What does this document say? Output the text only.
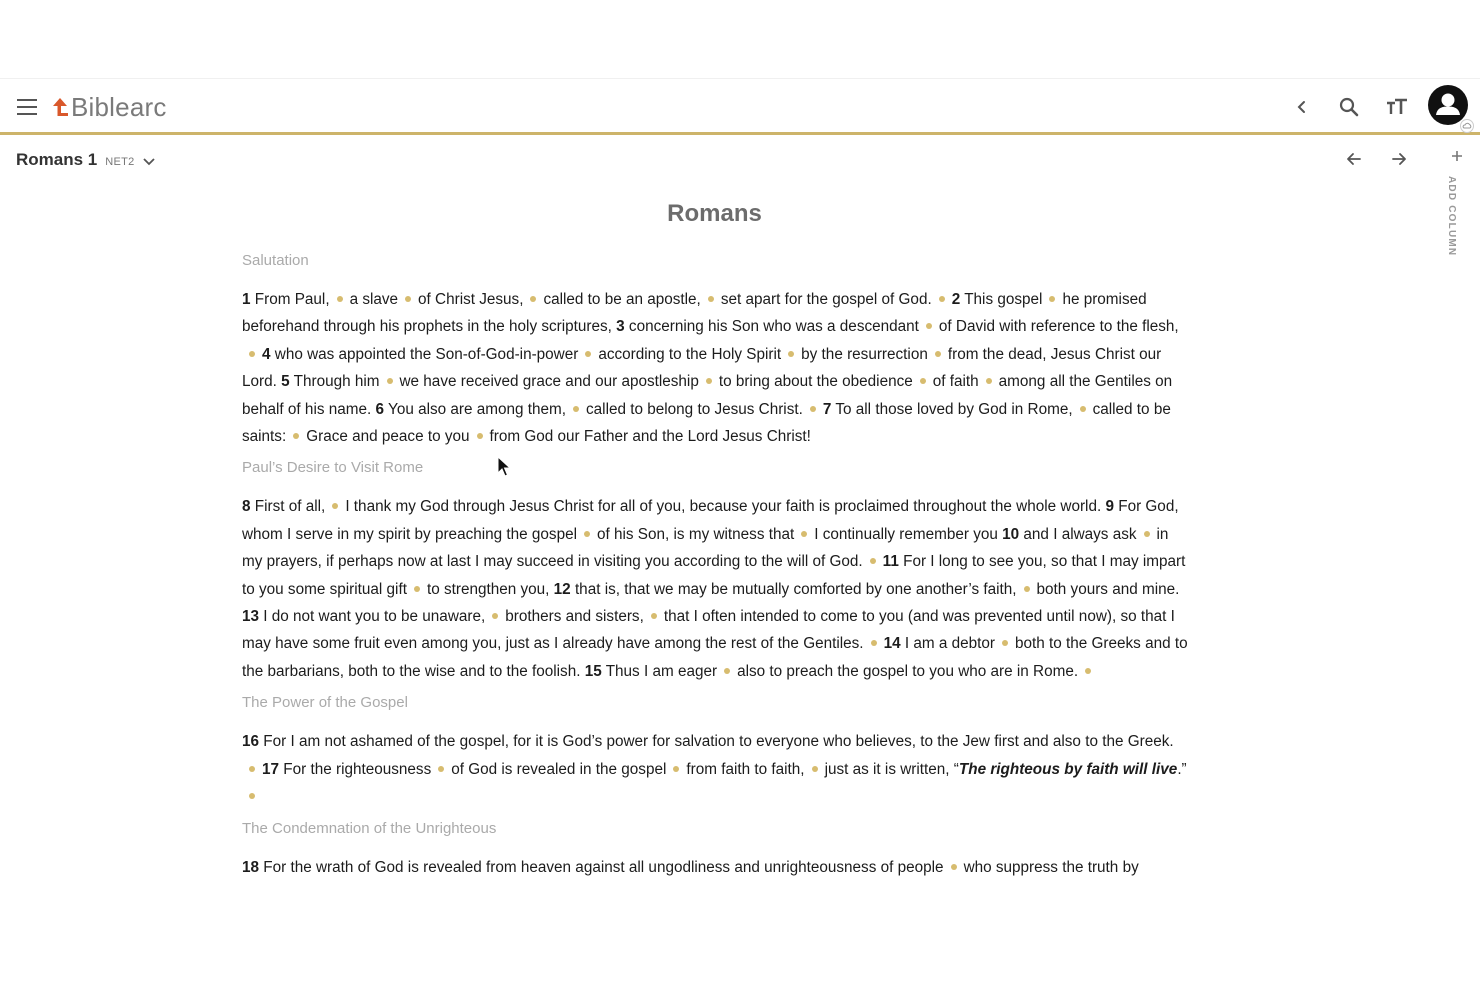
Biblearc
Romans 1 NET2
ADD COLUMN
Romans
Salutation
1 From Paul, a slave of Christ Jesus, called to be an apostle, set apart for the gospel of God. 2 This gospel he promised beforehand through his prophets in the holy scriptures, 3 concerning his Son who was a descendant of David with reference to the flesh,4 who was appointed the Son-of-God-in-power according to the Holy Spirit by the resurrection from the dead, Jesus Christ our Lord. 5 Through him we have received grace and our apostleship to bring about the obedience of faith among all the Gentiles on behalf of his name. 6 You also are among them, called to belong to Jesus Christ. 7 To all those loved by God in Rome, called to be saints: Grace and peace to you from God our Father and the Lord Jesus Christ!
Paul’s Desire to Visit Rome
8 First of all, I thank my God through Jesus Christ for all of you, because your faith is proclaimed throughout the whole world. 9 For God, whom I serve in my spirit by preaching the gospel of his Son, is my witness that I continually remember you 10 and I always ask in my prayers, if perhaps now at last I may succeed in visiting you according to the will of God. 11 For I long to see you, so that I may impart to you some spiritual gift to strengthen you, 12 that is, that we may be mutually comforted by one another’s faith, both yours and mine. 13 I do not want you to be unaware, brothers and sisters, that I often intended to come to you (and was prevented until now), so that I may have some fruit even among you, just as I already have among the rest of the Gentiles. 14 I am a debtor both to the Greeks and to the barbarians, both to the wise and to the foolish. 15 Thus I am eager also to preach the gospel to you who are in Rome.
The Power of the Gospel
16 For I am not ashamed of the gospel, for it is God’s power for salvation to everyone who believes, to the Jew first and also to the Greek.17 For the righteousness of God is revealed in the gospel from faith to faith, just as it is written, “The righteous by faith will live.”
The Condemnation of the Unrighteous
18 For the wrath of God is revealed from heaven against all ungodliness and unrighteousness of people who suppress the truth by
